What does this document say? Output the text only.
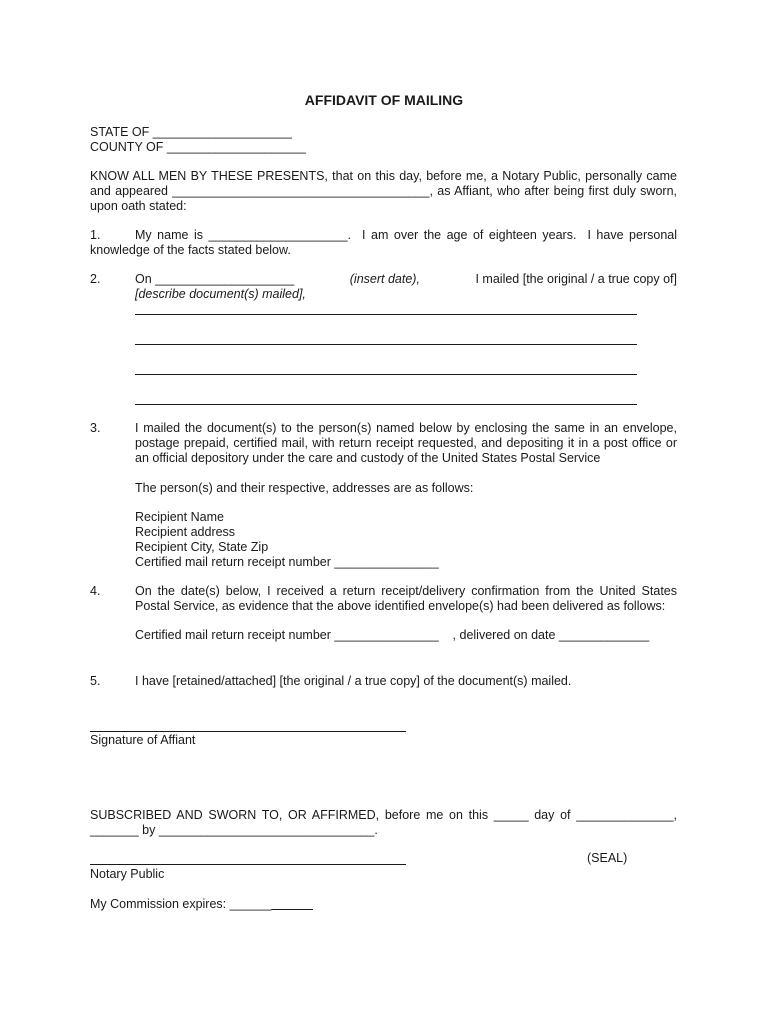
AFFIDAVIT OF MAILING
STATE OF ____________________
COUNTY OF ____________________
KNOW ALL MEN BY THESE PRESENTS, that on this day, before me, a Notary Public, personally came
and appeared _____________________________________, as Affiant, who after being first duly sworn,
upon oath stated:
1.	My name is ____________________.  I am over the age of eighteen years.  I have personal
knowledge of the facts stated below.
2.	On ____________________	(insert date),	I mailed [the original / a true copy of]
[describe document(s) mailed],
3.	I mailed the document(s) to the person(s) named below by enclosing the same in an envelope,
postage prepaid, certified mail, with return receipt requested, and depositing it in a post office or
an official depository under the care and custody of the United States Postal Service
The person(s) and their respective, addresses are as follows:
Recipient Name
Recipient address
Recipient City, State Zip
Certified mail return receipt number _______________
4.	On the date(s) below, I received a return receipt/delivery confirmation from the United States
Postal Service, as evidence that the above identified envelope(s) had been delivered as follows:
Certified mail return receipt number _______________    , delivered on date _____________
5.	I have [retained/attached] [the original / a true copy] of the document(s) mailed.
Signature of Affiant
SUBSCRIBED AND SWORN TO, OR AFFIRMED, before me on this _____ day of ______________,
_______ by _______________________________.
(SEAL)
Notary Public
My Commission expires: ______
